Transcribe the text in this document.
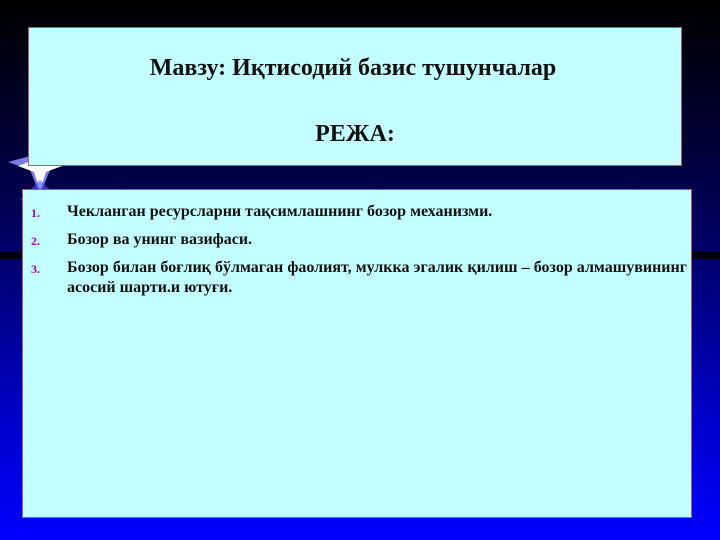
Мавзу: Иқтисодий базис тушунчалар

РЕЖА:

1. Чекланган ресурсларни тақсимлашнинг бозор механизми.
2. Бозор ва унинг вазифаси.
3. Бозор билан боғлиқ бўлмаган фаолият, мулкка эгалик қилиш – бозор алмашувининг асосий шарти.и ютуғи.
